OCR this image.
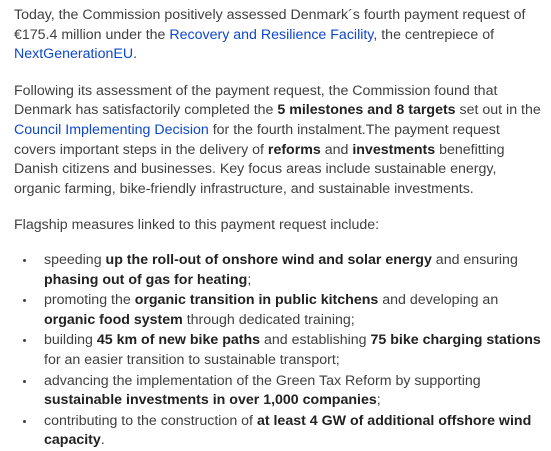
Today, the Commission positively assessed Denmark´s fourth payment request of €175.4 million under the Recovery and Resilience Facility, the centrepiece of NextGenerationEU.

Following its assessment of the payment request, the Commission found that Denmark has satisfactorily completed the 5 milestones and 8 targets set out in the Council Implementing Decision for the fourth instalment.The payment request covers important steps in the delivery of reforms and investments benefitting Danish citizens and businesses. Key focus areas include sustainable energy, organic farming, bike-friendly infrastructure, and sustainable investments.

Flagship measures linked to this payment request include:

• speeding up the roll-out of onshore wind and solar energy and ensuring phasing out of gas for heating;
• promoting the organic transition in public kitchens and developing an organic food system through dedicated training;
• building 45 km of new bike paths and establishing 75 bike charging stations for an easier transition to sustainable transport;
• advancing the implementation of the Green Tax Reform by supporting sustainable investments in over 1,000 companies;
• contributing to the construction of at least 4 GW of additional offshore wind capacity.
